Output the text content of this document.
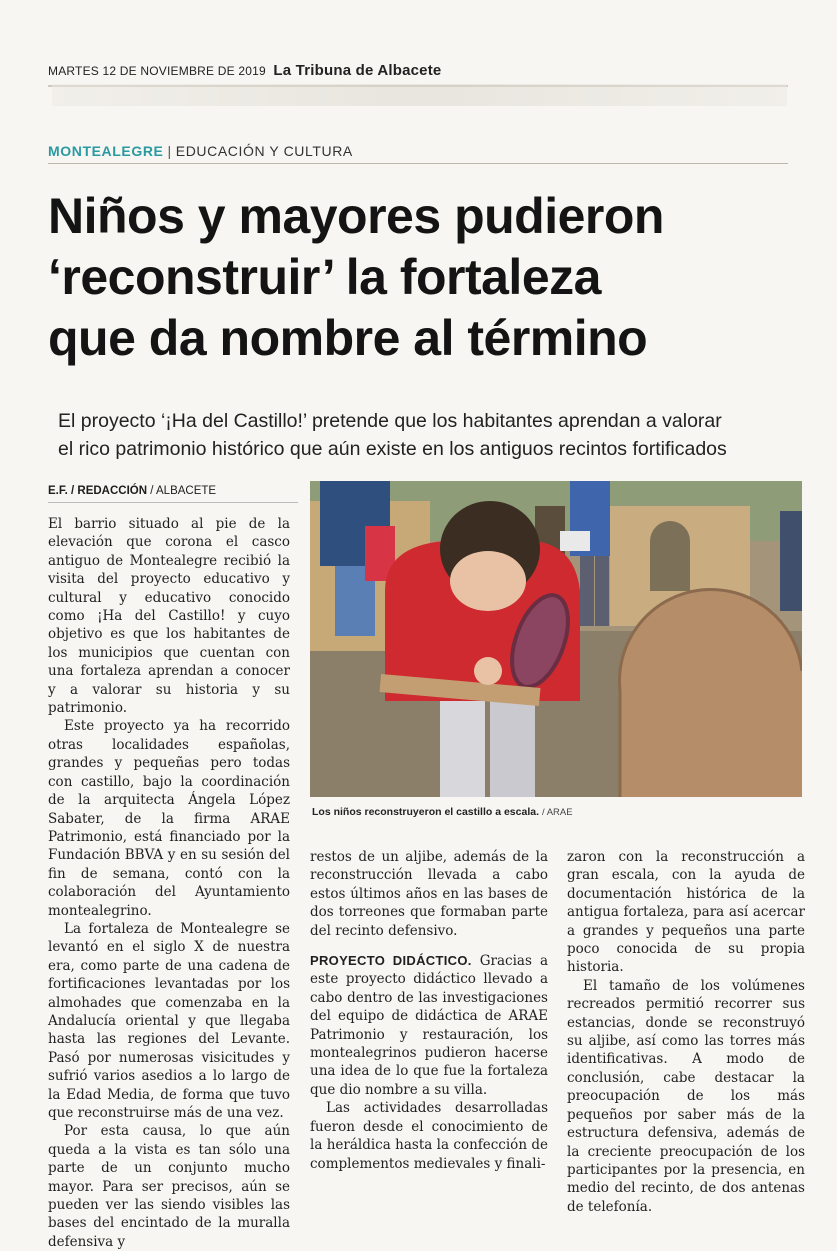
MARTES 12 DE NOVIEMBRE DE 2019 La Tribuna de Albacete
MONTEALEGRE | EDUCACIÓN Y CULTURA
Niños y mayores pudieron
‘reconstruir’ la fortaleza
que da nombre al término
El proyecto ‘¡Ha del Castillo!’ pretende que los habitantes aprendan a valorar
el rico patrimonio histórico que aún existe en los antiguos recintos fortificados
E.F. / REDACCIÓN / ALBACETE
Los niños reconstruyeron el castillo a escala. / ARAE

El barrio situado al pie de la elevación que corona el casco antiguo de Montealegre recibió la visita del proyecto educativo y cultural y educativo conocido como ¡Ha del Castillo! y cuyo objetivo es que los habitantes de los municipios que cuentan con una fortaleza aprendan a conocer y a valorar su historia y su patrimonio.

Este proyecto ya ha recorrido otras localidades españolas, grandes y pequeñas pero todas con castillo, bajo la coordinación de la arquitecta Ángela López Sabater, de la firma ARAE Patrimonio, está financiado por la Fundación BBVA y en su sesión del fin de semana, contó con la colaboración del Ayuntamiento montealegrino.

La fortaleza de Montealegre se levantó en el siglo X de nuestra era, como parte de una cadena de fortificaciones levantadas por los almohades que comenzaba en la Andalucía oriental y que llegaba hasta las regiones del Levante. Pasó por numerosas visicitudes y sufrió varios asedios a lo largo de la Edad Media, de forma que tuvo que reconstruirse más de una vez.

Por esta causa, lo que aún queda a la vista es tan sólo una parte de un conjunto mucho mayor. Para ser precisos, aún se pueden ver las siendo visibles las bases del encintado de la muralla defensiva y

restos de un aljibe, además de la reconstrucción llevada a cabo estos últimos años en las bases de dos torreones que formaban parte del recinto defensivo.

PROYECTO DIDÁCTICO. Gracias a este proyecto didáctico llevado a cabo dentro de las investigaciones del equipo de didáctica de ARAE Patrimonio y restauración, los montealegrinos pudieron hacerse una idea de lo que fue la fortaleza que dio nombre a su villa.

Las actividades desarrolladas fueron desde el conocimiento de la heráldica hasta la confección de complementos medievales y finali-

zaron con la reconstrucción a gran escala, con la ayuda de documentación histórica de la antigua fortaleza, para así acercar a grandes y pequeños una parte poco conocida de su propia historia.

El tamaño de los volúmenes recreados permitió recorrer sus estancias, donde se reconstruyó su aljibe, así como las torres más identificativas. A modo de conclusión, cabe destacar la preocupación de los más pequeños por saber más de la estructura defensiva, además de la creciente preocupación de los participantes por la presencia, en medio del recinto, de dos antenas de telefonía.
